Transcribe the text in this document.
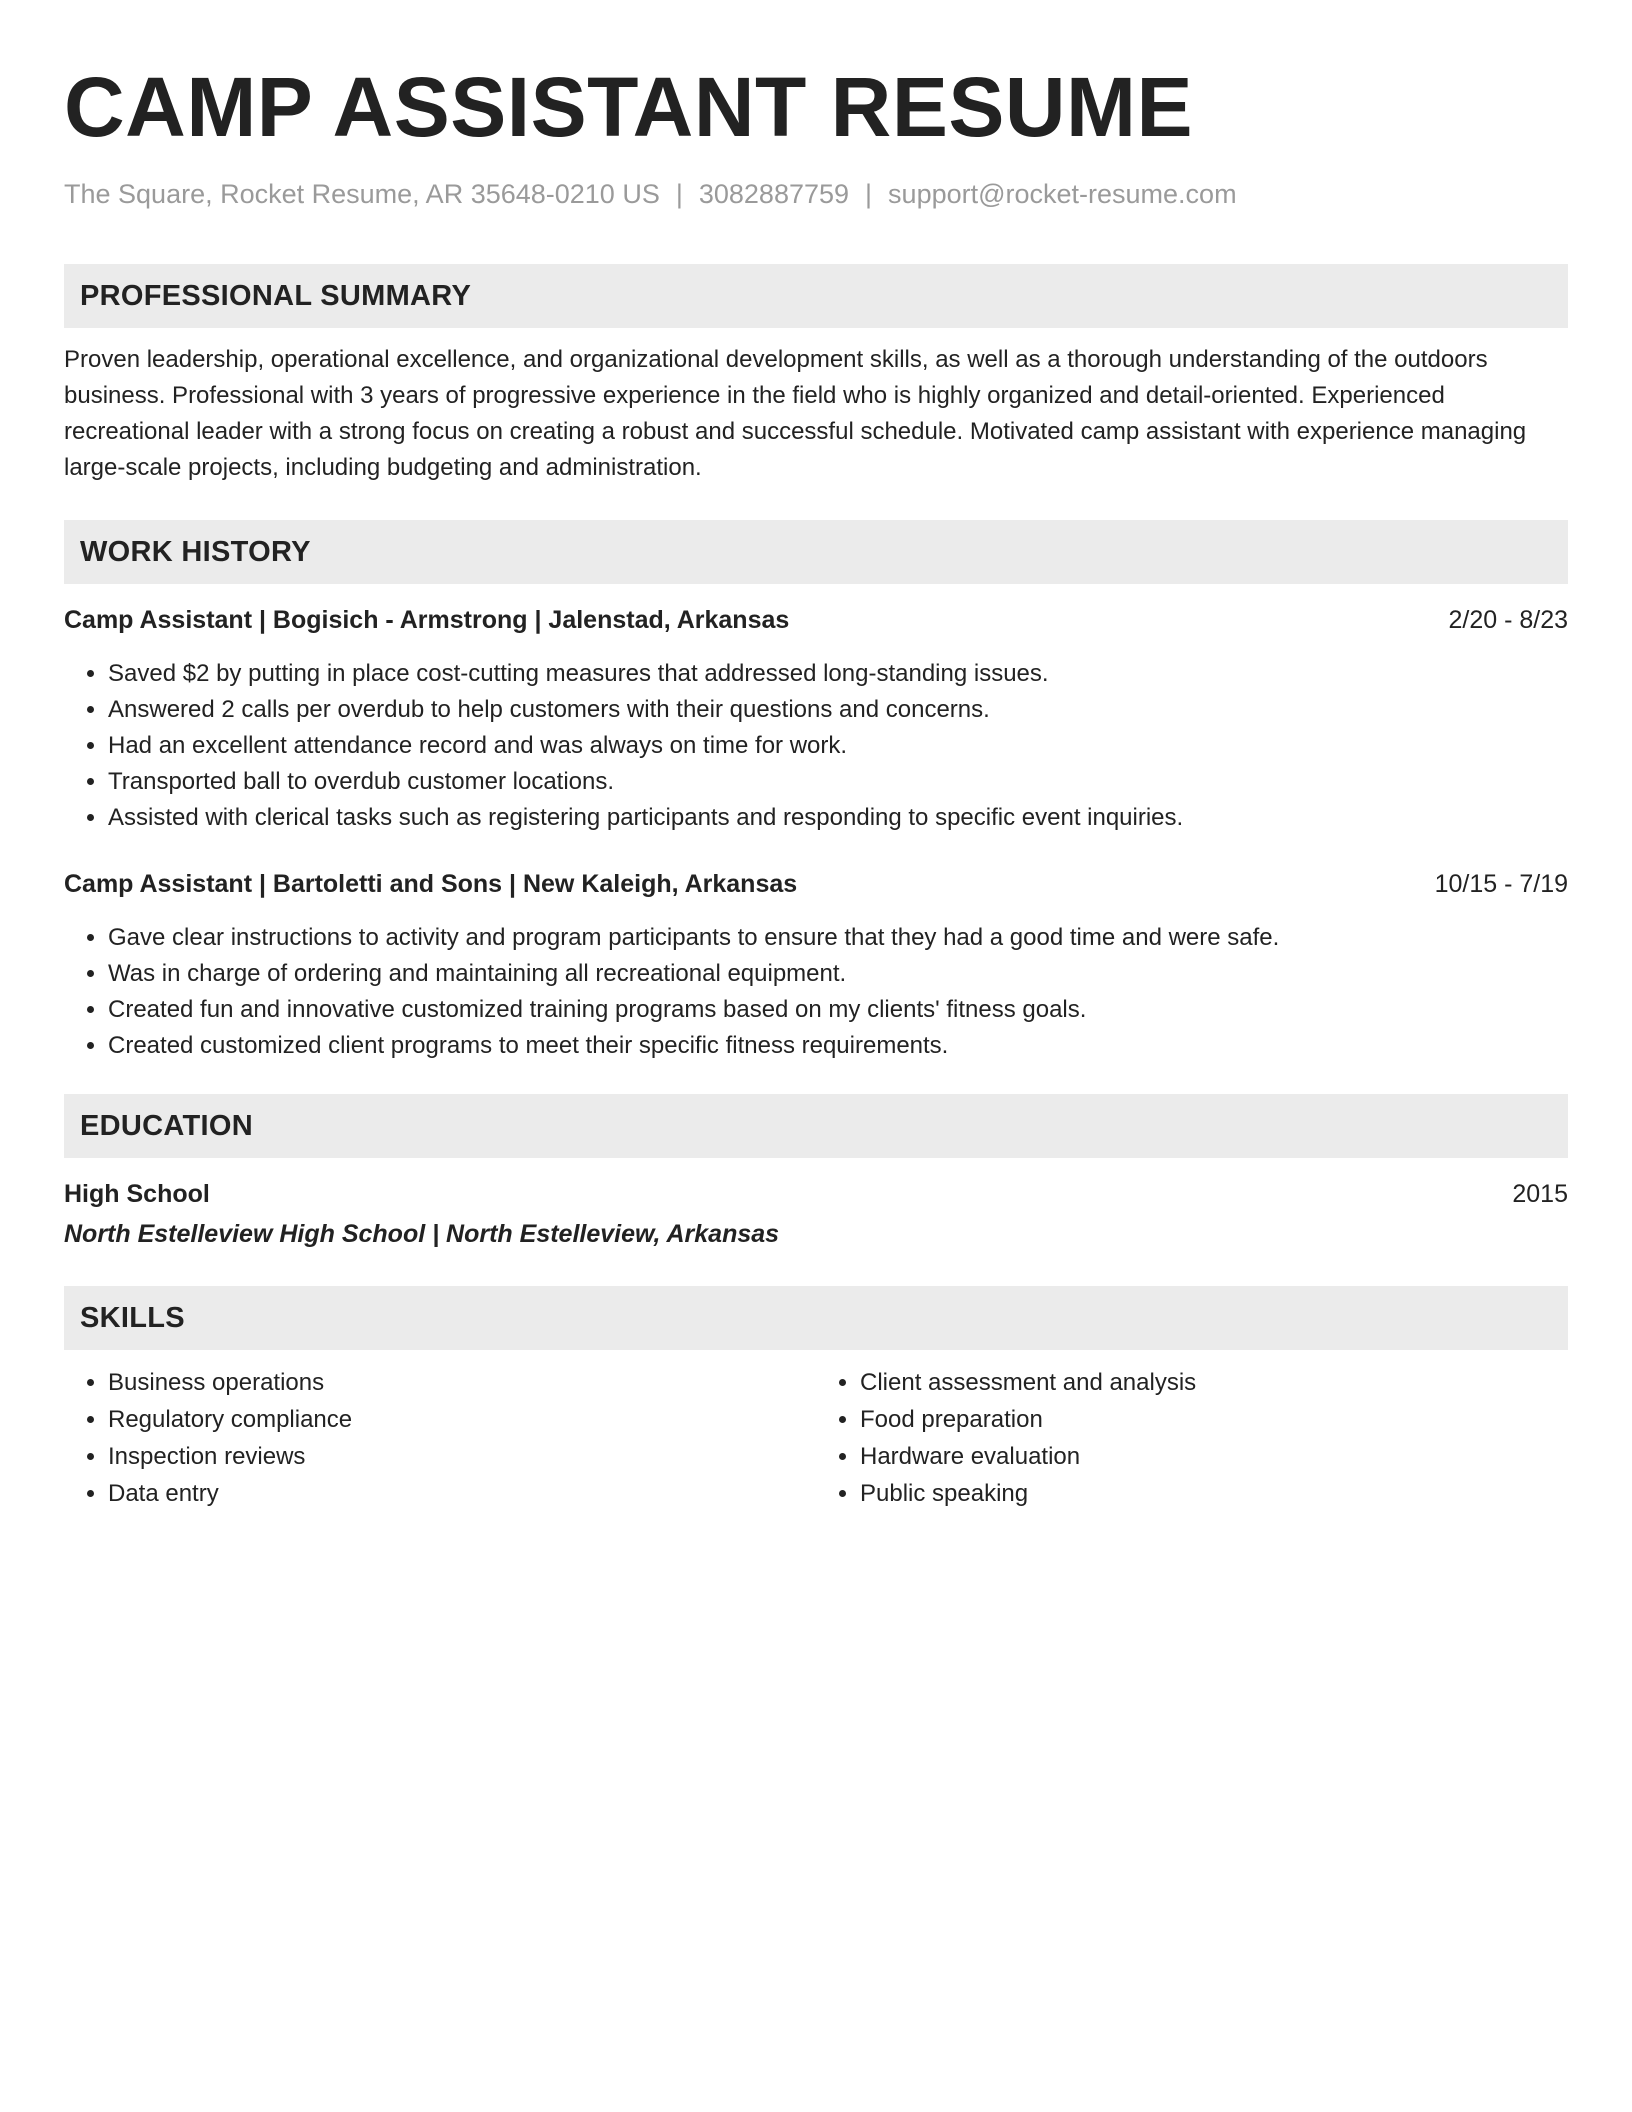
CAMP ASSISTANT RESUME
The Square, Rocket Resume, AR 35648-0210 US | 3082887759 | support@rocket-resume.com
PROFESSIONAL SUMMARY
Proven leadership, operational excellence, and organizational development skills, as well as a thorough understanding of the outdoors business. Professional with 3 years of progressive experience in the field who is highly organized and detail-oriented. Experienced recreational leader with a strong focus on creating a robust and successful schedule. Motivated camp assistant with experience managing large-scale projects, including budgeting and administration.
WORK HISTORY
Camp Assistant | Bogisich - Armstrong | Jalenstad, Arkansas	2/20 - 8/23
• Saved $2 by putting in place cost-cutting measures that addressed long-standing issues.
• Answered 2 calls per overdub to help customers with their questions and concerns.
• Had an excellent attendance record and was always on time for work.
• Transported ball to overdub customer locations.
• Assisted with clerical tasks such as registering participants and responding to specific event inquiries.
Camp Assistant | Bartoletti and Sons | New Kaleigh, Arkansas	10/15 - 7/19
• Gave clear instructions to activity and program participants to ensure that they had a good time and were safe.
• Was in charge of ordering and maintaining all recreational equipment.
• Created fun and innovative customized training programs based on my clients' fitness goals.
• Created customized client programs to meet their specific fitness requirements.
EDUCATION
High School	2015
North Estelleview High School | North Estelleview, Arkansas
SKILLS
• Business operations
• Regulatory compliance
• Inspection reviews
• Data entry
• Client assessment and analysis
• Food preparation
• Hardware evaluation
• Public speaking
